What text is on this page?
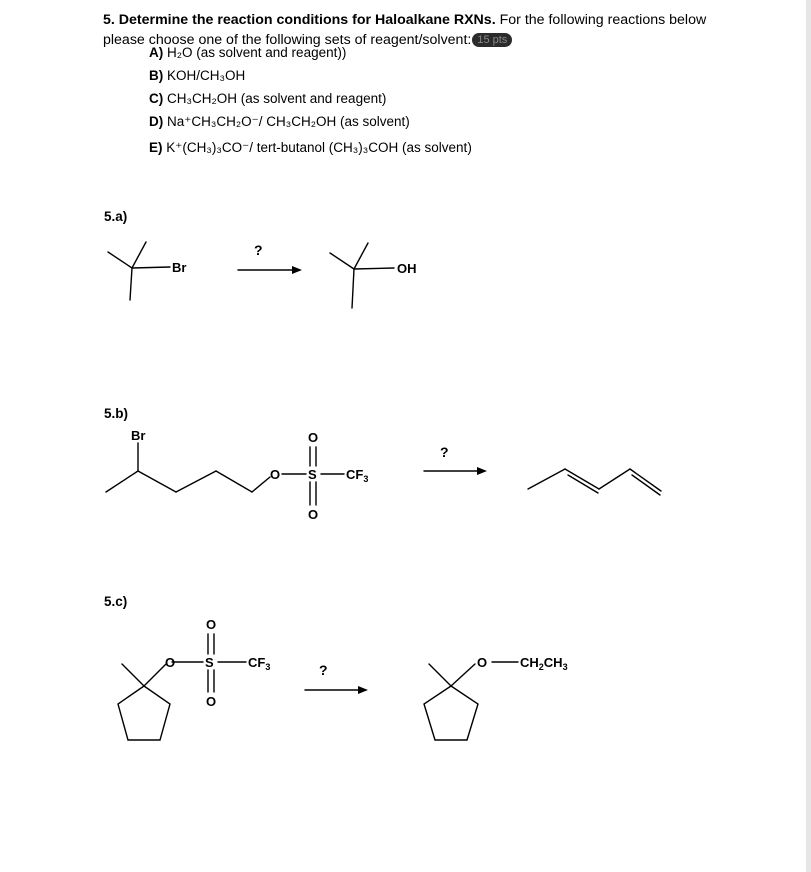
5. Determine the reaction conditions for Haloalkane RXNs. For the following reactions below
please choose one of the following sets of reagent/solvent: 15 pts
A) H₂O (as solvent and reagent))
B) KOH/CH₃OH
C) CH₃CH₂OH (as solvent and reagent)
D) Na⁺CH₃CH₂O⁻/ CH₃CH₂OH (as solvent)
E) K⁺(CH₃)₃CO⁻/ tert-butanol (CH₃)₃COH (as solvent)
5.a)
5.b)
5.c)
Br
?
OH
Br	O
O S
O
$CF_3$
?
O
O S
O
$CF_3$	?	O	$CH_2CH_3$
